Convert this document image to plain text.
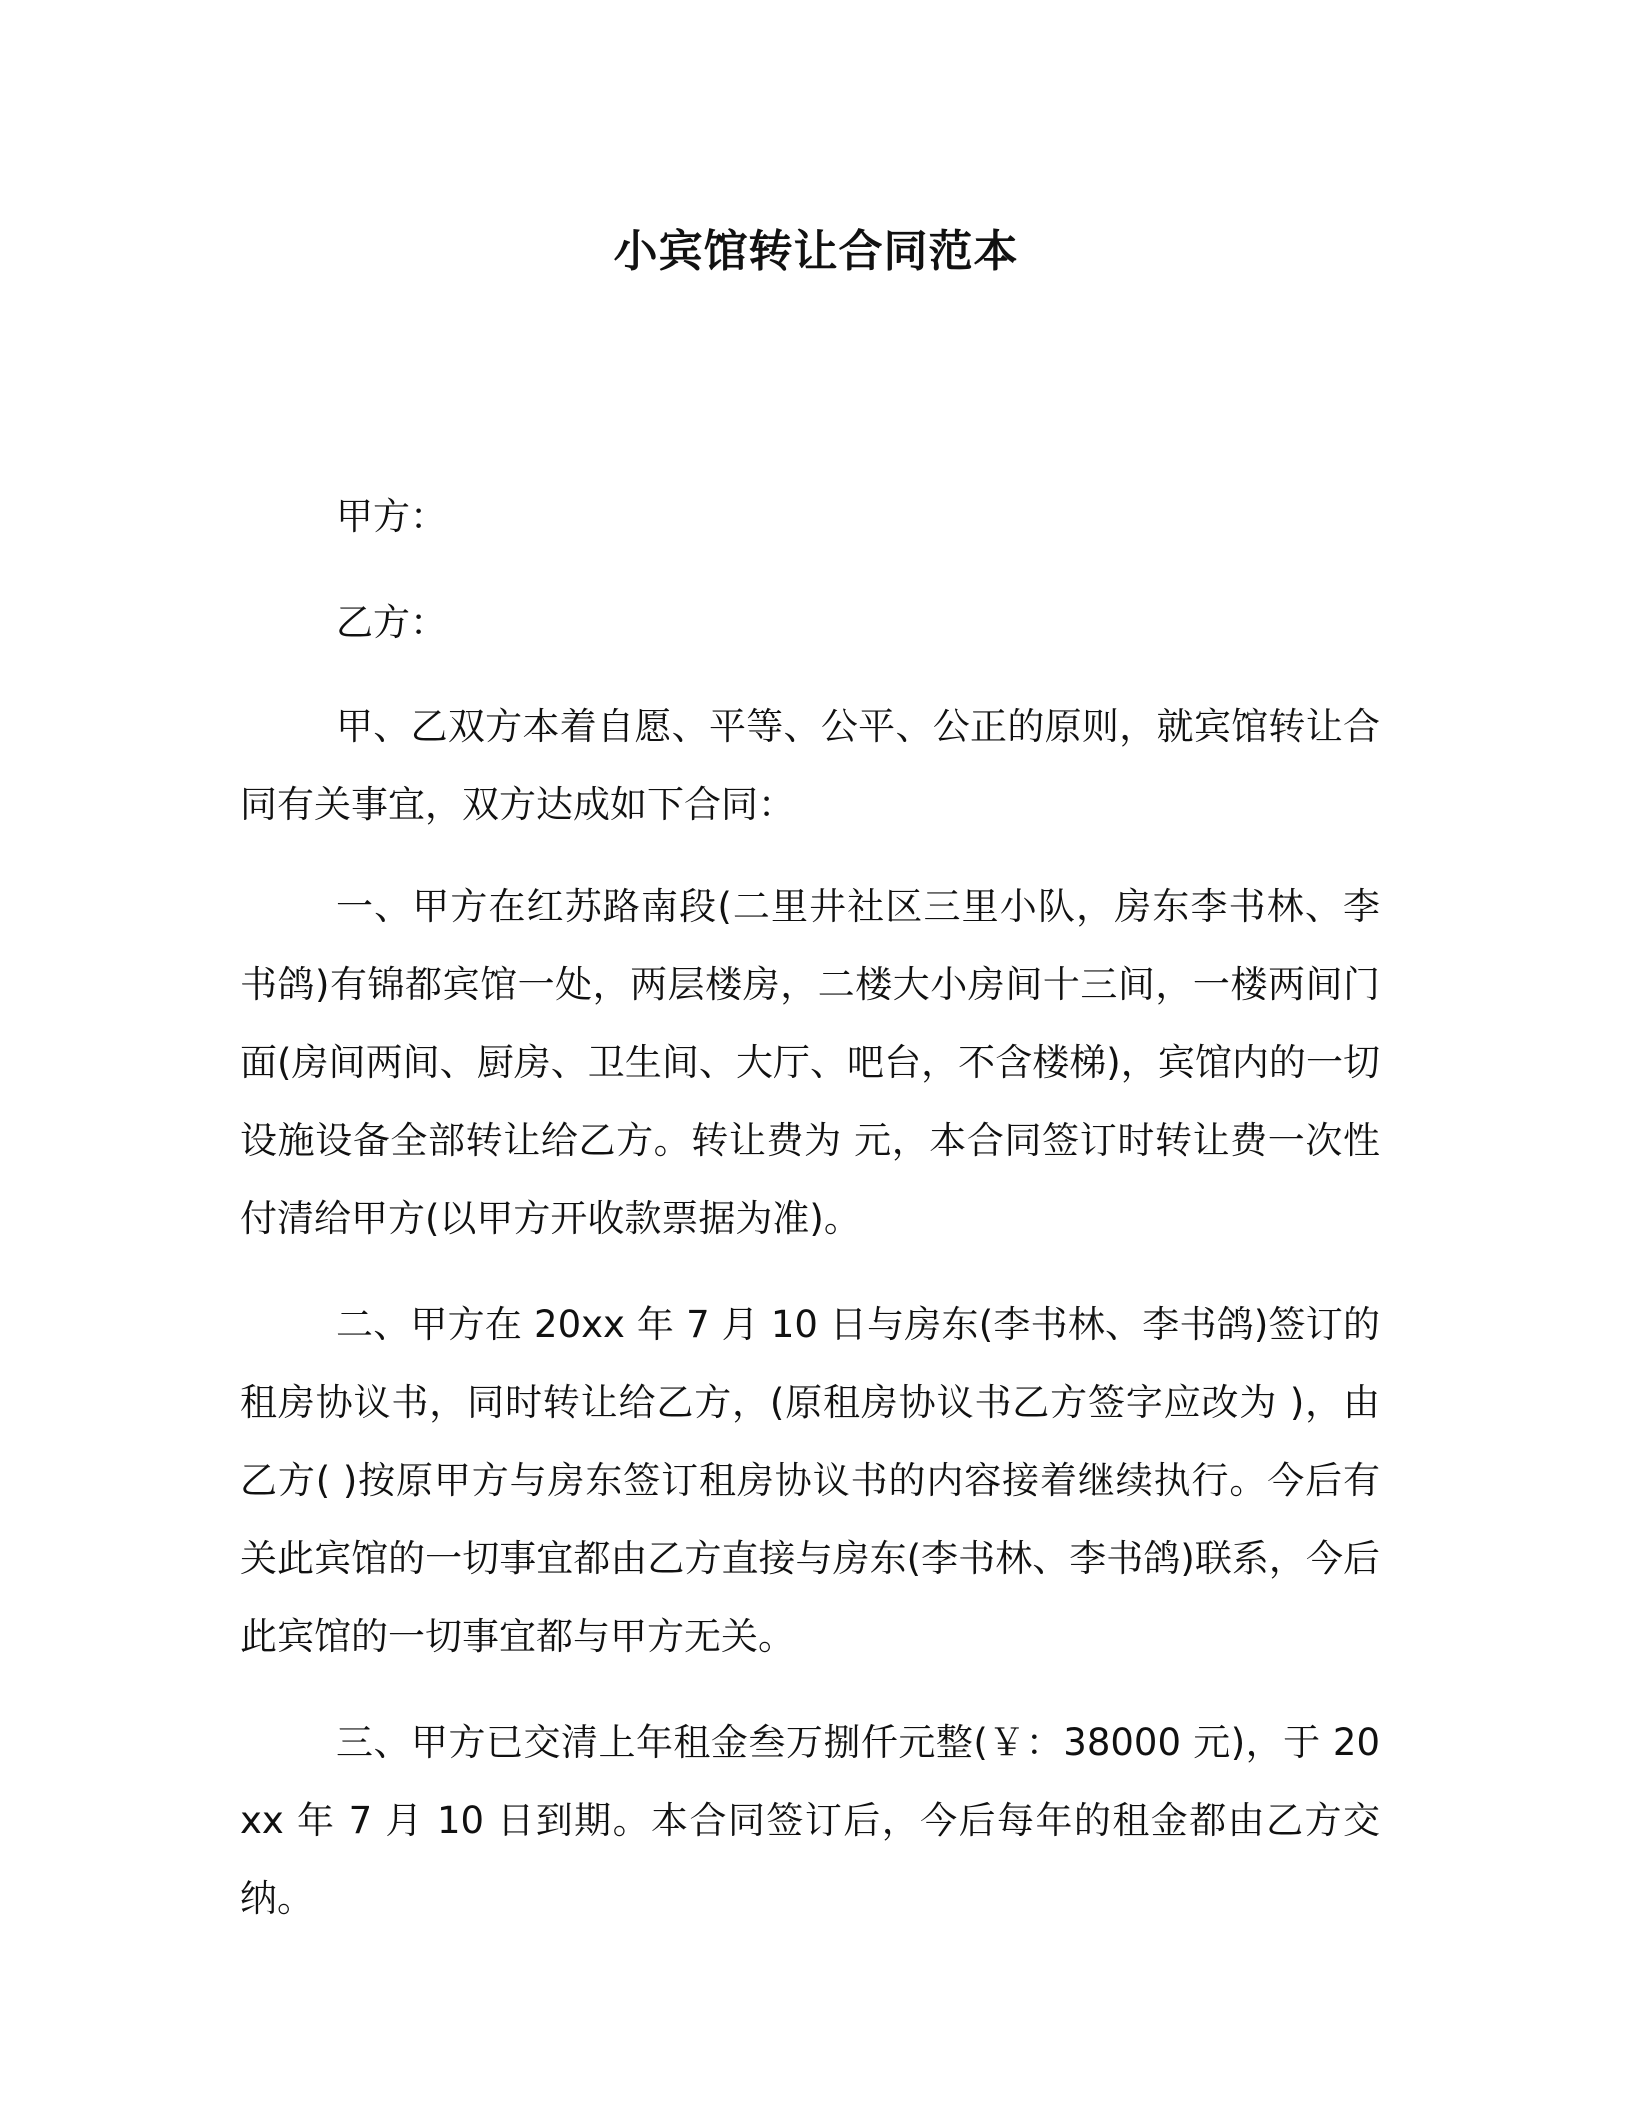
小宾馆转让合同范本
甲方：
乙方：

甲、乙双方本着自愿、平等、公平、公正的原则，就宾馆转让合同有关事宜，双方达成如下合同：

一、甲方在红苏路南段(二里井社区三里小队，房东李书林、李书鸽)有锦都宾馆一处，两层楼房，二楼大小房间十三间，一楼两间门面(房间两间、厨房、卫生间、大厅、吧台，不含楼梯)，宾馆内的一切设施设备全部转让给乙方。转让费为 元，本合同签订时转让费一次性付清给甲方(以甲方开收款票据为准)。

二、甲方在 20xx 年 7 月 10 日与房东(李书林、李书鸽)签订的租房协议书，同时转让给乙方，(原租房协议书乙方签字应改为 )，由乙方( )按原甲方与房东签订租房协议书的内容接着继续执行。今后有关此宾馆的一切事宜都由乙方直接与房东(李书林、李书鸽)联系，今后此宾馆的一切事宜都与甲方无关。

三、甲方已交清上年租金叁万捌仟元整(￥：38000 元)，于 20xx 年 7 月 10 日到期。本合同签订后，今后每年的租金都由乙方交纳。
